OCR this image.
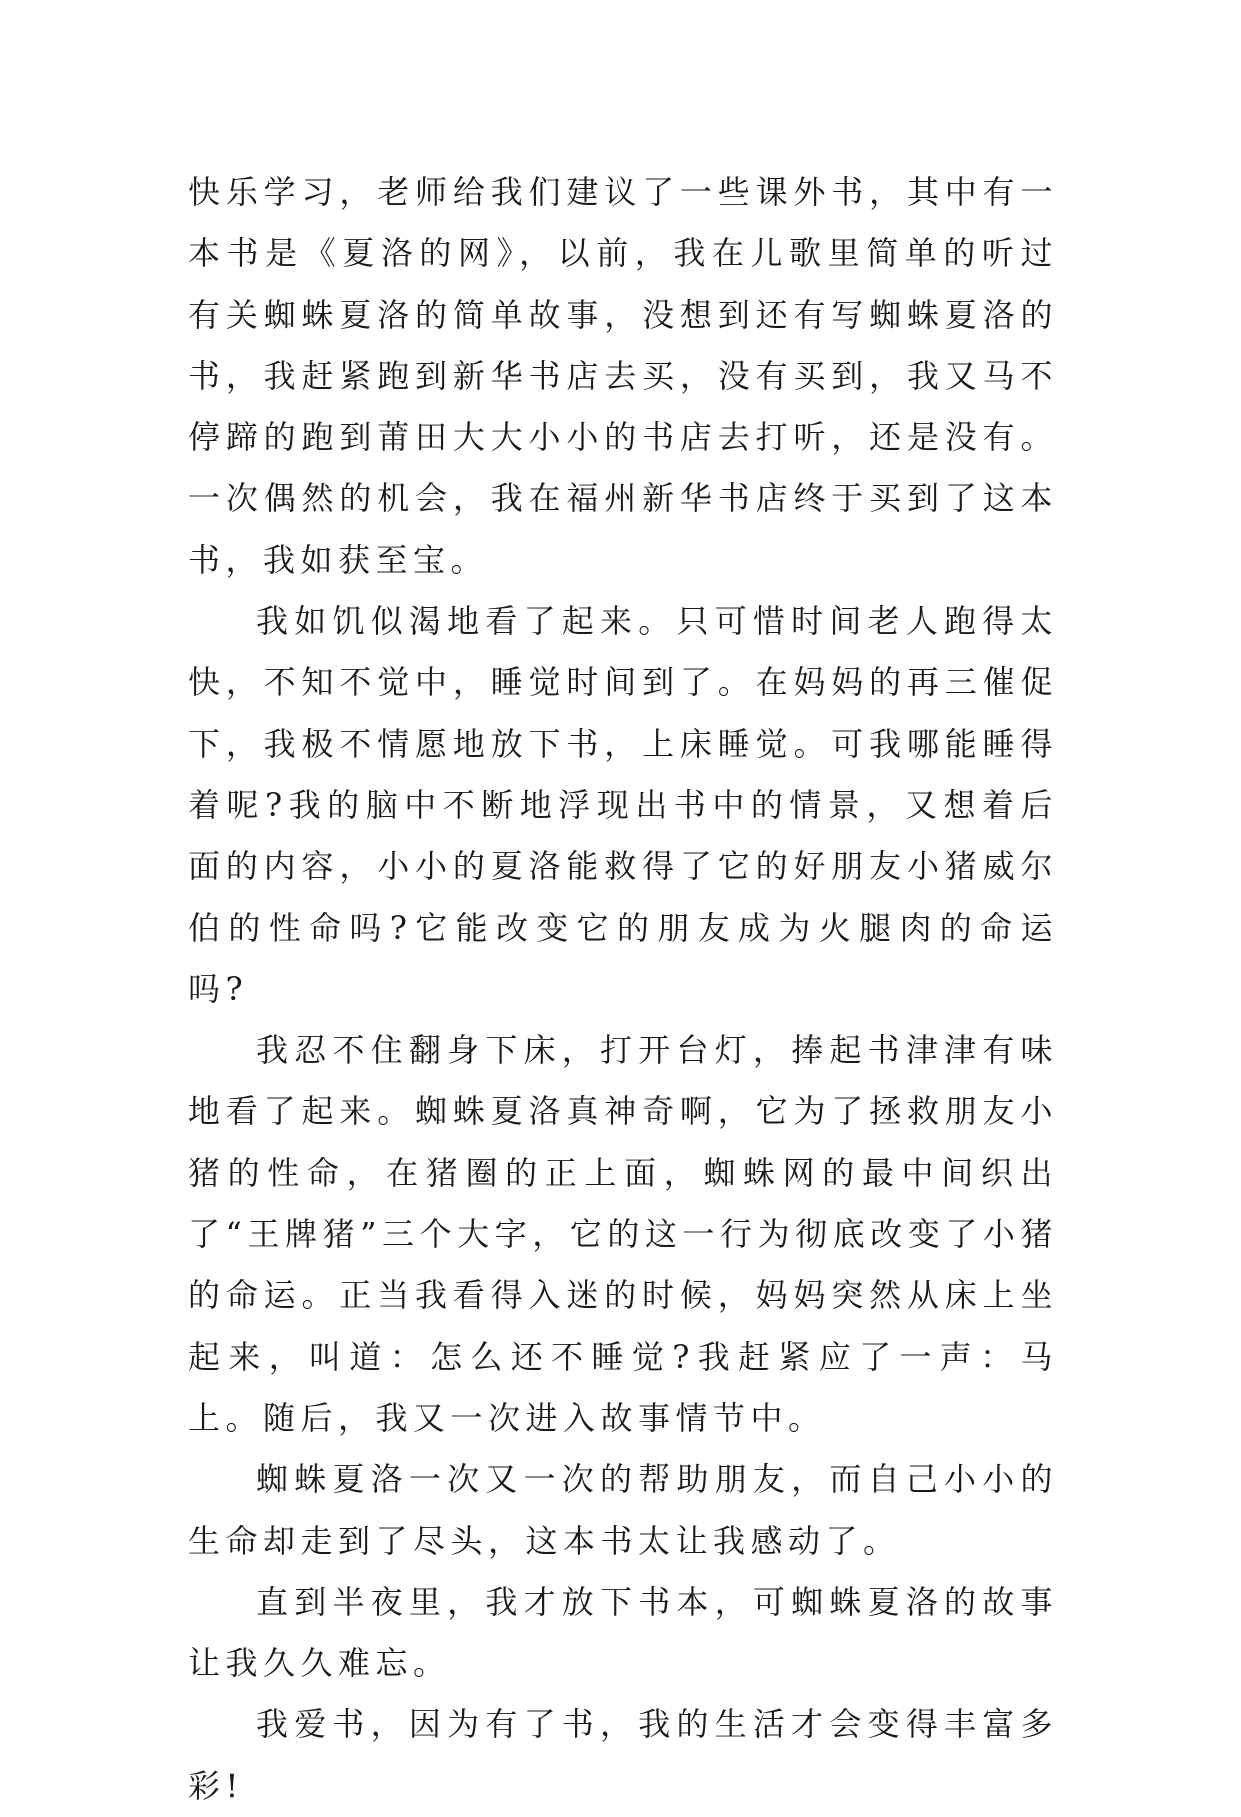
快乐学习，老师给我们建议了一些课外书，其中有一本书是《夏洛的网》，以前，我在儿歌里简单的听过有关蜘蛛夏洛的简单故事，没想到还有写蜘蛛夏洛的书，我赶紧跑到新华书店去买，没有买到，我又马不停蹄的跑到莆田大大小小的书店去打听，还是没有。一次偶然的机会，我在福州新华书店终于买到了这本书，我如获至宝。

我如饥似渴地看了起来。只可惜时间老人跑得太快，不知不觉中，睡觉时间到了。在妈妈的再三催促下，我极不情愿地放下书，上床睡觉。可我哪能睡得着呢?我的脑中不断地浮现出书中的情景，又想着后面的内容，小小的夏洛能救得了它的好朋友小猪威尔伯的性命吗?它能改变它的朋友成为火腿肉的命运吗?

我忍不住翻身下床，打开台灯，捧起书津津有味地看了起来。蜘蛛夏洛真神奇啊，它为了拯救朋友小猪的性命，在猪圈的正上面，蜘蛛网的最中间织出了“王牌猪”三个大字，它的这一行为彻底改变了小猪的命运。正当我看得入迷的时候，妈妈突然从床上坐起来，叫道：怎么还不睡觉?我赶紧应了一声：马上。随后，我又一次进入故事情节中。

蜘蛛夏洛一次又一次的帮助朋友，而自己小小的生命却走到了尽头，这本书太让我感动了。

直到半夜里，我才放下书本，可蜘蛛夏洛的故事让我久久难忘。

我爱书，因为有了书，我的生活才会变得丰富多彩!
